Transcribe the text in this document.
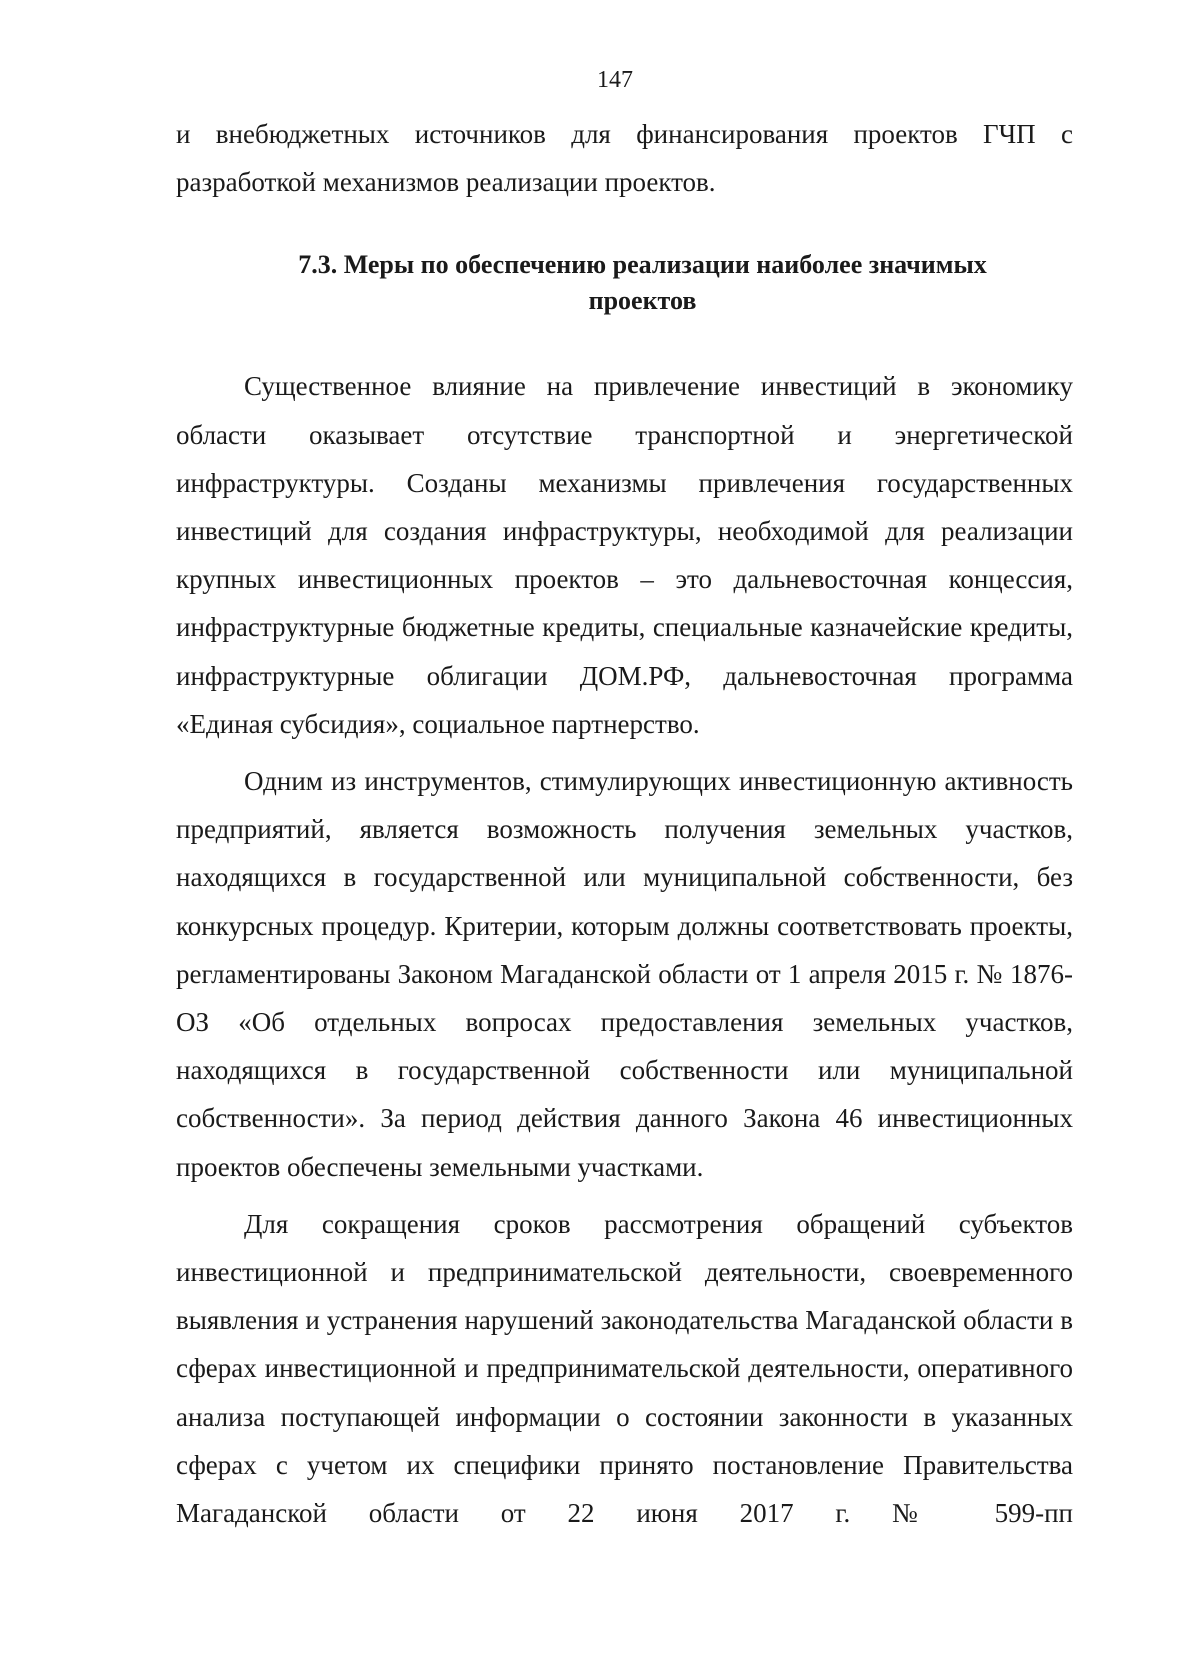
147

и внебюджетных источников для финансирования проектов ГЧП с разработкой механизмов реализации проектов.

7.3. Меры по обеспечению реализации наиболее значимых
проектов

Существенное влияние на привлечение инвестиций в экономику области оказывает отсутствие транспортной и энергетической инфраструктуры. Созданы механизмы привлечения государственных инвестиций для создания инфраструктуры, необходимой для реализации крупных инвестиционных проектов – это дальневосточная концессия, инфраструктурные бюджетные кредиты, специальные казначейские кредиты, инфраструктурные облигации ДОМ.РФ, дальневосточная программа «Единая субсидия», социальное партнерство.

Одним из инструментов, стимулирующих инвестиционную активность предприятий, является возможность получения земельных участков, находящихся в государственной или муниципальной собственности, без конкурсных процедур. Критерии, которым должны соответствовать проекты, регламентированы Законом Магаданской области от 1 апреля 2015 г. № 1876-ОЗ «Об отдельных вопросах предоставления земельных участков, находящихся в государственной собственности или муниципальной собственности». За период действия данного Закона 46 инвестиционных проектов обеспечены земельными участками.

Для сокращения сроков рассмотрения обращений субъектов инвестиционной и предпринимательской деятельности, своевременного выявления и устранения нарушений законодательства Магаданской области в сферах инвестиционной и предпринимательской деятельности, оперативного анализа поступающей информации о состоянии законности в указанных сферах с учетом их специфики принято постановление Правительства Магаданской области от 22 июня 2017 г. № 599-пп
